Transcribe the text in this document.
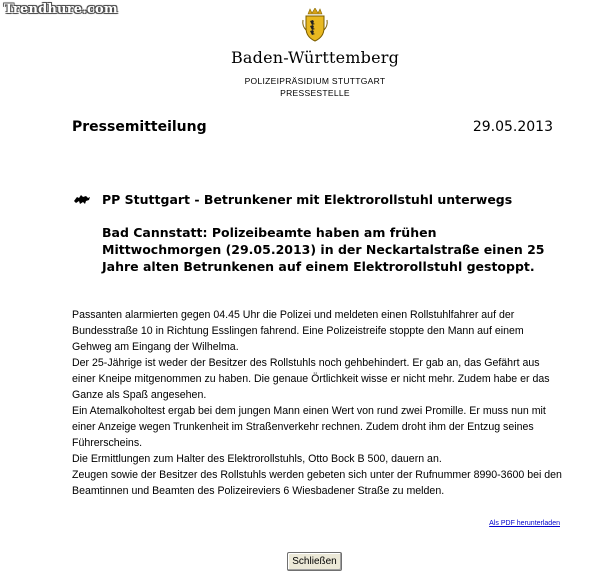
Trendhure.com
Baden-Württemberg
POLIZEIPRÄSIDIUM STUTTGART
PRESSESTELLE
Pressemitteilung	29.05.2013
PP Stuttgart - Betrunkener mit Elektrorollstuhl unterwegs
Bad Cannstatt: Polizeibeamte haben am frühen Mittwochmorgen (29.05.2013) in der Neckartalstraße einen 25 Jahre alten Betrunkenen auf einem Elektrorollstuhl gestoppt.

Passanten alarmierten gegen 04.45 Uhr die Polizei und meldeten einen Rollstuhlfahrer auf der Bundesstraße 10 in Richtung Esslingen fahrend. Eine Polizeistreife stoppte den Mann auf einem Gehweg am Eingang der Wilhelma.

Der 25-Jährige ist weder der Besitzer des Rollstuhls noch gehbehindert. Er gab an, das Gefährt aus einer Kneipe mitgenommen zu haben. Die genaue Örtlichkeit wisse er nicht mehr. Zudem habe er das Ganze als Spaß angesehen.

Ein Atemalkoholtest ergab bei dem jungen Mann einen Wert von rund zwei Promille. Er muss nun mit einer Anzeige wegen Trunkenheit im Straßenverkehr rechnen. Zudem droht ihm der Entzug seines Führerscheins.

Die Ermittlungen zum Halter des Elektrorollstuhls, Otto Bock B 500, dauern an.

Zeugen sowie der Besitzer des Rollstuhls werden gebeten sich unter der Rufnummer 8990-3600 bei den Beamtinnen und Beamten des Polizeireviers 6 Wiesbadener Straße zu melden.

Als PDF herunterladen
Schließen
